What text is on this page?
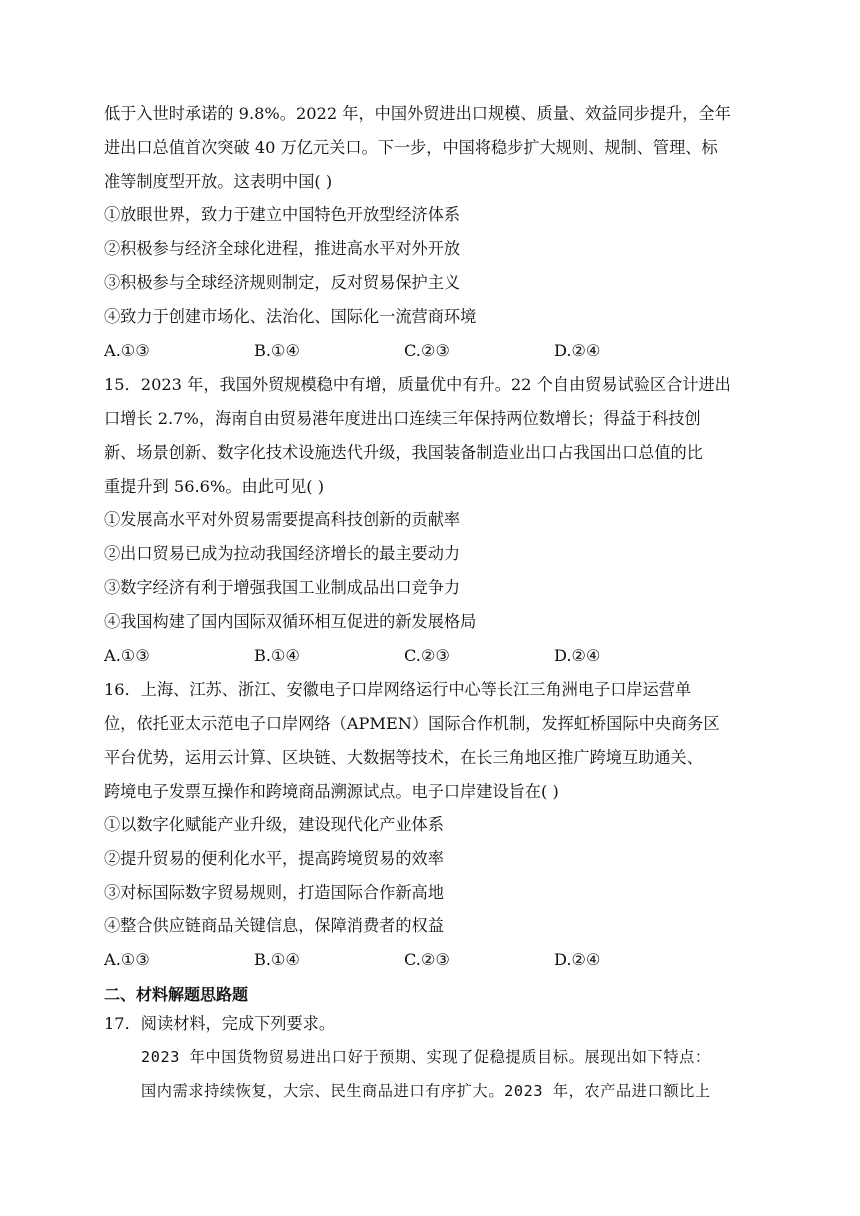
低于入世时承诺的 9.8%。2022 年，中国外贸进出口规模、质量、效益同步提升，全年
进出口总值首次突破 40 万亿元关口。下一步，中国将稳步扩大规则、规制、管理、标
准等制度型开放。这表明中国( )
①放眼世界，致力于建立中国特色开放型经济体系
②积极参与经济全球化进程，推进高水平对外开放
③积极参与全球经济规则制定，反对贸易保护主义
④致力于创建市场化、法治化、国际化一流营商环境
A.①③	B.①④	C.②③	D.②④
15．2023 年，我国外贸规模稳中有增，质量优中有升。22 个自由贸易试验区合计进出
口增长 2.7%，海南自由贸易港年度进出口连续三年保持两位数增长；得益于科技创
新、场景创新、数字化技术设施迭代升级，我国装备制造业出口占我国出口总值的比
重提升到 56.6%。由此可见( )
①发展高水平对外贸易需要提高科技创新的贡献率
②出口贸易已成为拉动我国经济增长的最主要动力
③数字经济有利于增强我国工业制成品出口竞争力
④我国构建了国内国际双循环相互促进的新发展格局
A.①③	B.①④	C.②③	D.②④
16．上海、江苏、浙江、安徽电子口岸网络运行中心等长江三角洲电子口岸运营单
位，依托亚太示范电子口岸网络（APMEN）国际合作机制，发挥虹桥国际中央商务区
平台优势，运用云计算、区块链、大数据等技术，在长三角地区推广跨境互助通关、
跨境电子发票互操作和跨境商品溯源试点。电子口岸建设旨在( )
①以数字化赋能产业升级，建设现代化产业体系
②提升贸易的便利化水平，提高跨境贸易的效率
③对标国际数字贸易规则，打造国际合作新高地
④整合供应链商品关键信息，保障消费者的权益
A.①③	B.①④	C.②③	D.②④
二、材料解题思路题
17．阅读材料，完成下列要求。
2023 年中国货物贸易进出口好于预期、实现了促稳提质目标。展现出如下特点：
国内需求持续恢复，大宗、民生商品进口有序扩大。2023 年，农产品进口额比上
